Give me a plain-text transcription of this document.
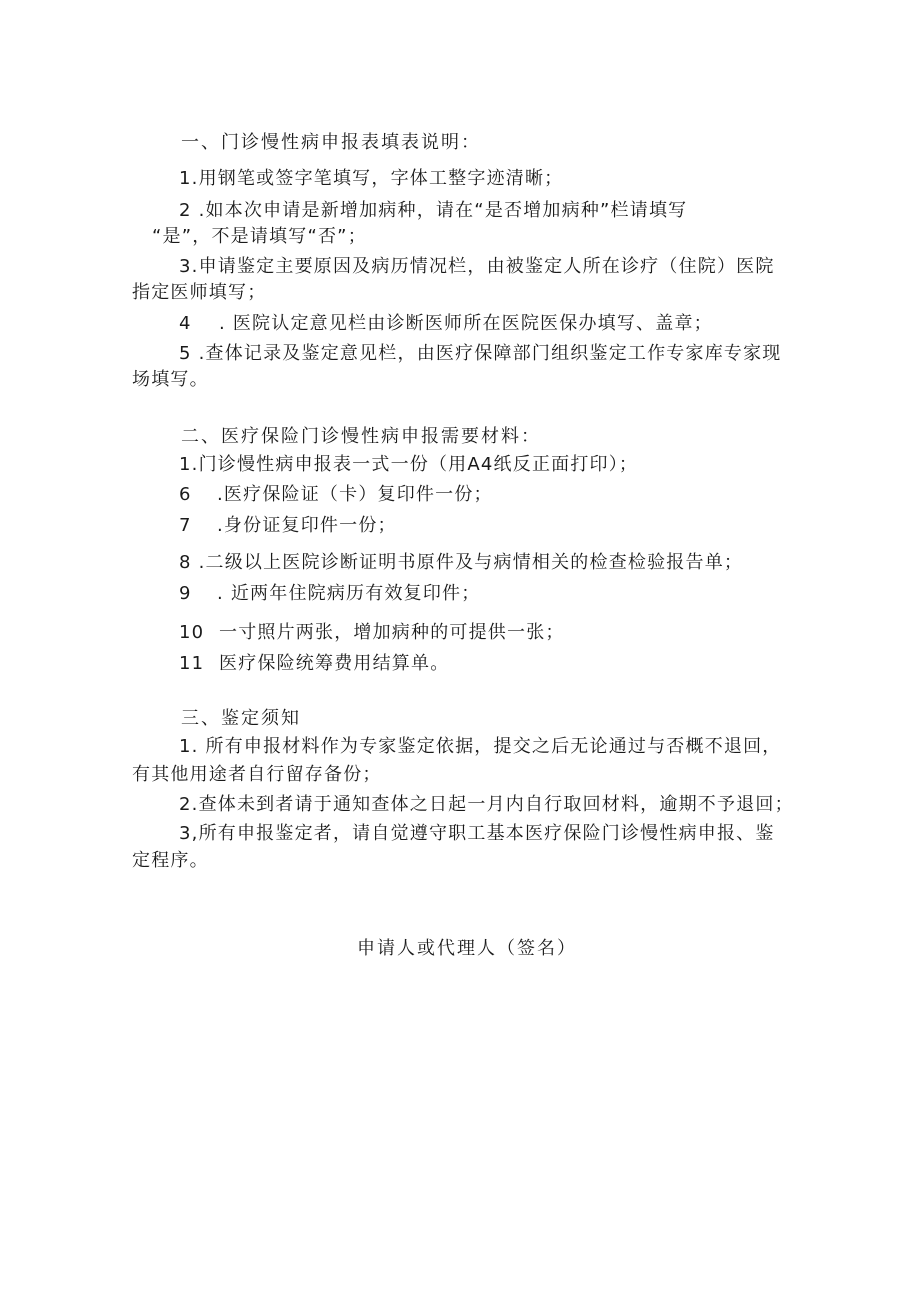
一、门诊慢性病申报表填表说明：

1.用钢笔或签字笔填写，字体工整字迹清晰；

2 .如本次申请是新增加病种，请在“是否增加病种”栏请填写

“是”，不是请填写“否”；

3.申请鉴定主要原因及病历情况栏，由被鉴定人所在诊疗（住院）医院

指定医师填写；

4 . 医院认定意见栏由诊断医师所在医院医保办填写、盖章；

5 .查体记录及鉴定意见栏，由医疗保障部门组织鉴定工作专家库专家现

场填写。

二、医疗保险门诊慢性病申报需要材料：

1.门诊慢性病申报表一式一份（用A4纸反正面打印）；

6 .医疗保险证（卡）复印件一份；

7 .身份证复印件一份；

8 .二级以上医院诊断证明书原件及与病情相关的检查检验报告单；

9 . 近两年住院病历有效复印件；

10 一寸照片两张，增加病种的可提供一张；

11 医疗保险统筹费用结算单。

三、鉴定须知

1. 所有申报材料作为专家鉴定依据，提交之后无论通过与否概不退回，

有其他用途者自行留存备份；

2.查体未到者请于通知查体之日起一月内自行取回材料，逾期不予退回；

3,所有申报鉴定者，请自觉遵守职工基本医疗保险门诊慢性病申报、鉴

定程序。

申请人或代理人（签名）
